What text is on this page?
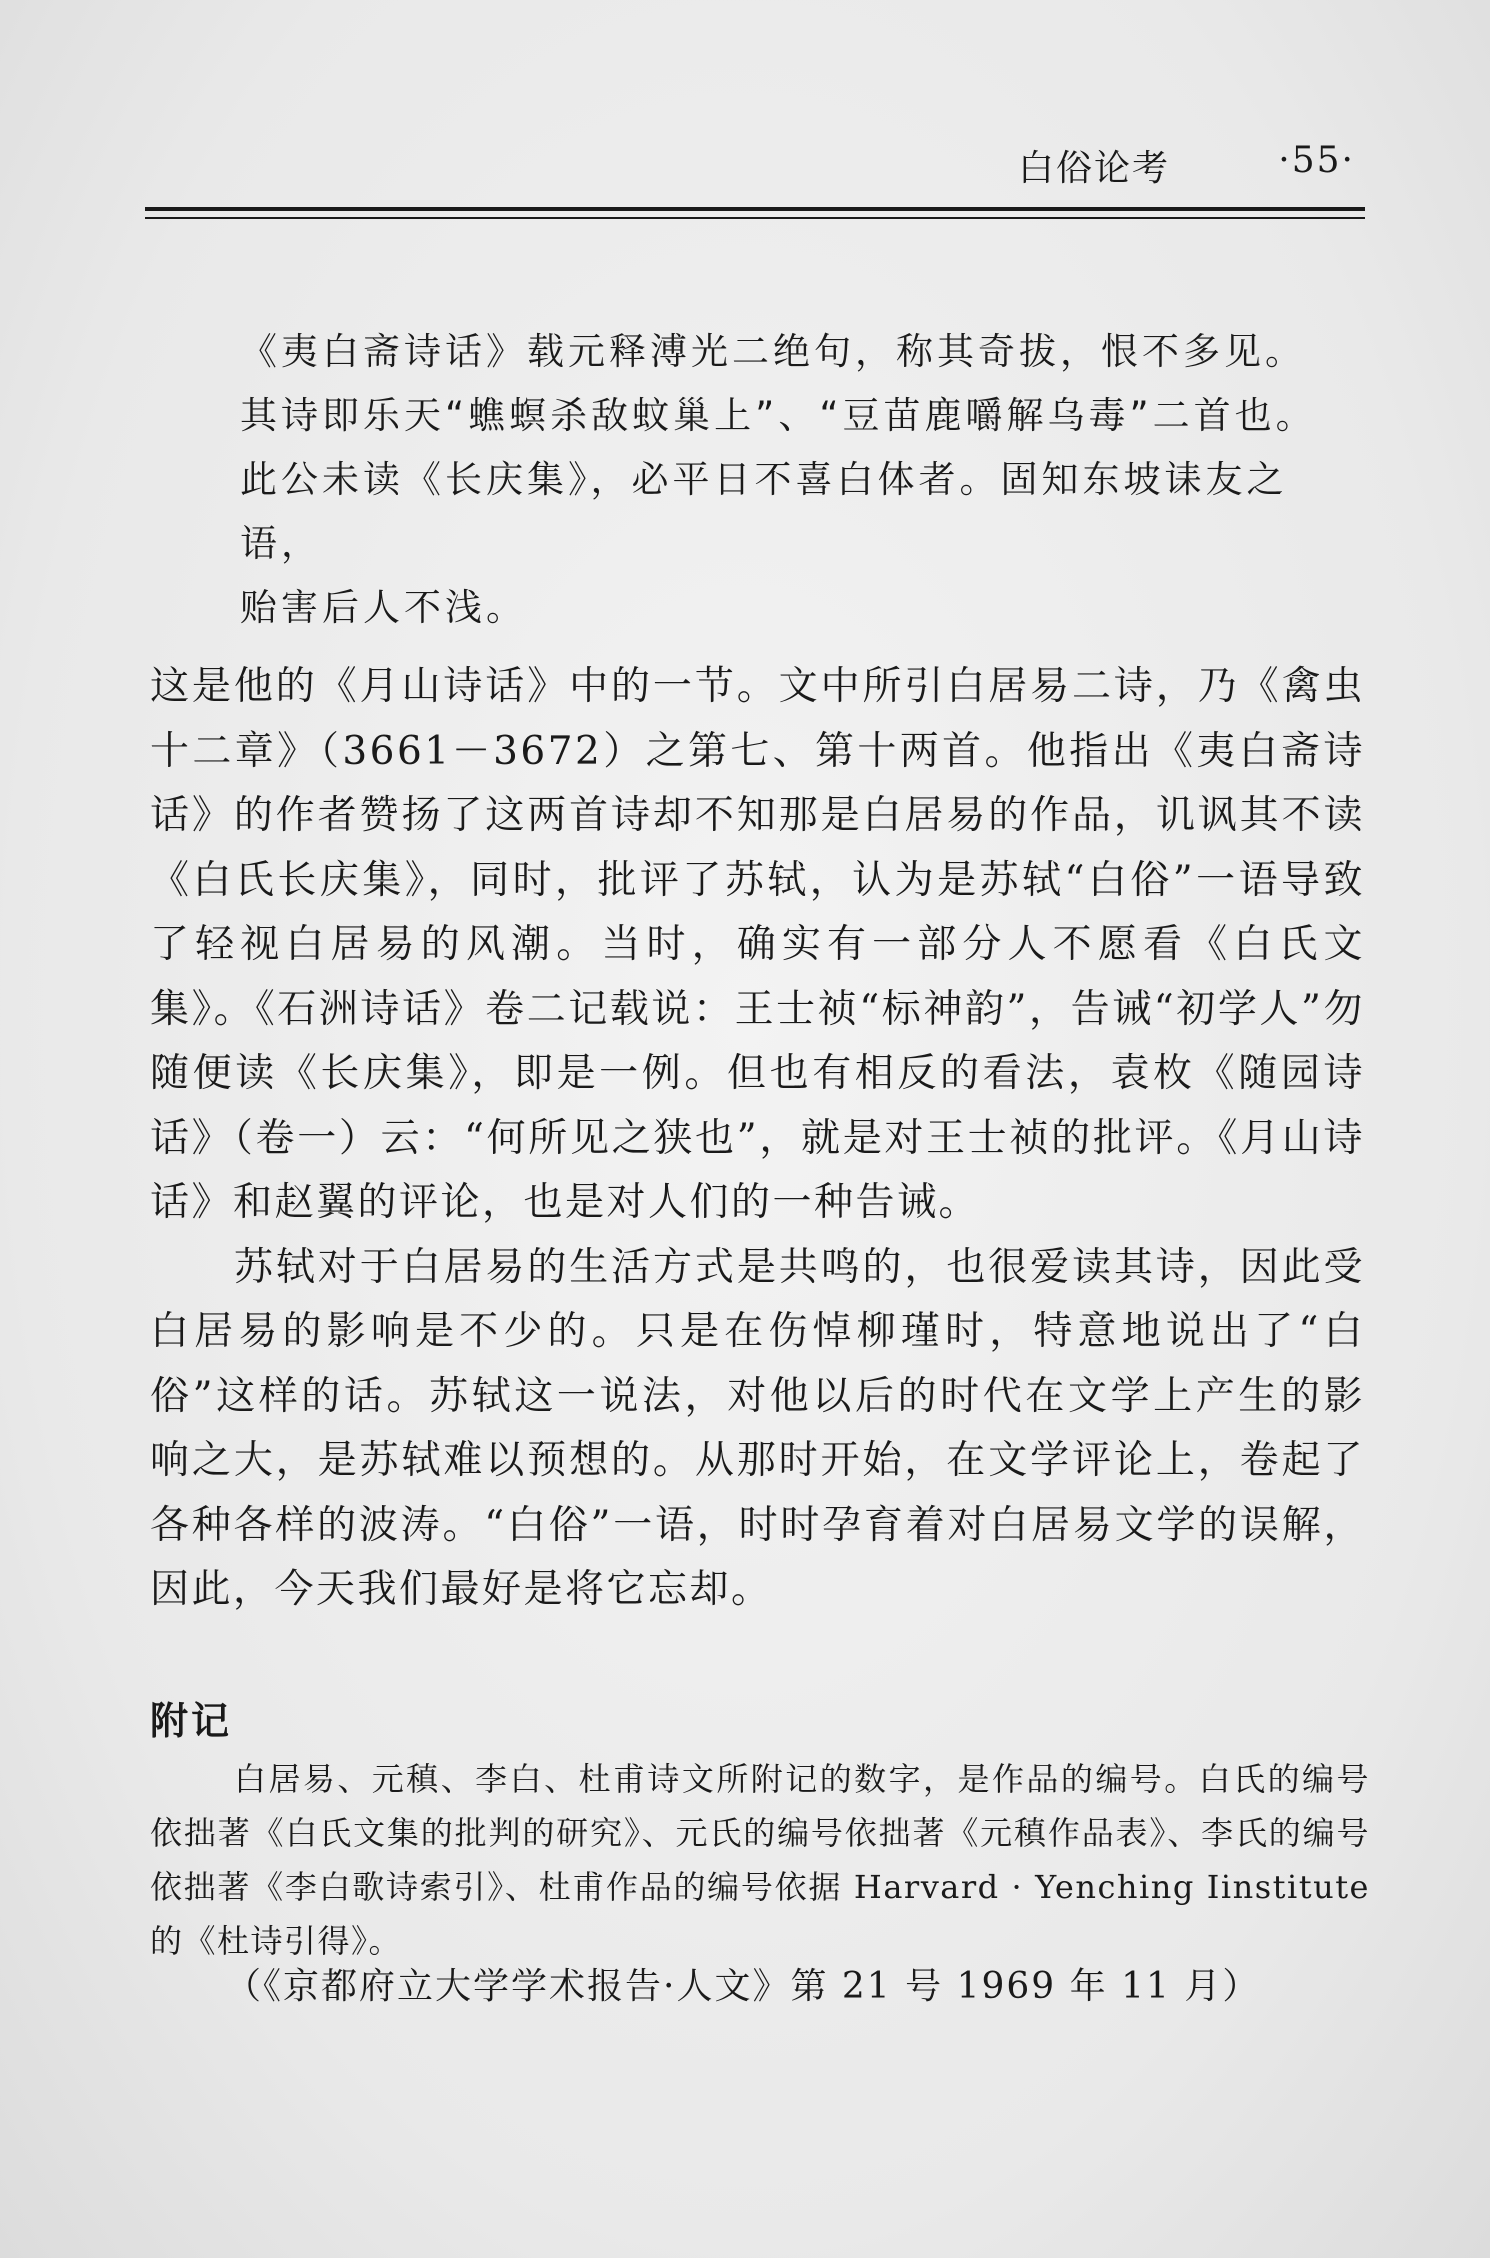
白俗论考	·55·

《夷白斋诗话》载元释溥光二绝句，称其奇拔，恨不多见。

其诗即乐天“蟭螟杀敌蚊巢上”、“豆苗鹿嚼解乌毒”二首也。

此公未读《长庆集》，必平日不喜白体者。固知东坡诔友之语，

贻害后人不浅。

这是他的《月山诗话》中的一节。文中所引白居易二诗，乃《禽虫十二章》（3661－3672）之第七、第十两首。他指出《夷白斋诗话》的作者赞扬了这两首诗却不知那是白居易的作品，讥讽其不读《白氏长庆集》，同时，批评了苏轼，认为是苏轼“白俗”一语导致了轻视白居易的风潮。当时，确实有一部分人不愿看《白氏文集》。《石洲诗话》卷二记载说：王士祯“标神韵”，告诫“初学人”勿随便读《长庆集》，即是一例。但也有相反的看法，袁枚《随园诗话》（卷一）云：“何所见之狭也”，就是对王士祯的批评。《月山诗话》和赵翼的评论，也是对人们的一种告诫。

苏轼对于白居易的生活方式是共鸣的，也很爱读其诗，因此受白居易的影响是不少的。只是在伤悼柳瑾时，特意地说出了“白俗”这样的话。苏轼这一说法，对他以后的时代在文学上产生的影响之大，是苏轼难以预想的。从那时开始，在文学评论上，卷起了各种各样的波涛。“白俗”一语，时时孕育着对白居易文学的误解，因此，今天我们最好是将它忘却。

附记

白居易、元稹、李白、杜甫诗文所附记的数字，是作品的编号。白氏的编号依拙著《白氏文集的批判的研究》、元氏的编号依拙著《元稹作品表》、李氏的编号依拙著《李白歌诗索引》、杜甫作品的编号依据 Harvard · Yenching Iinstitute 的《杜诗引得》。

（《京都府立大学学术报告·人文》第 21 号 1969 年 11 月）
